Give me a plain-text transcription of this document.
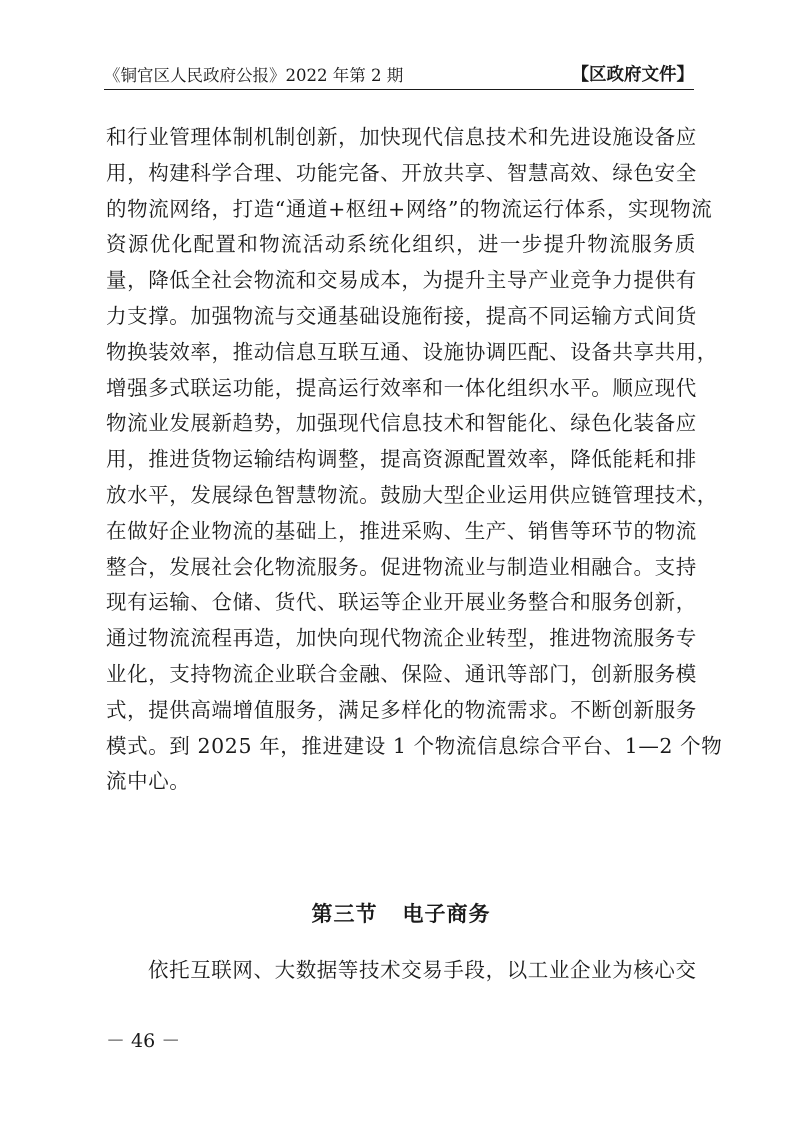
《铜官区人民政府公报》2022 年第 2 期	【区政府文件】
和行业管理体制机制创新，加快现代信息技术和先进设施设备应
用，构建科学合理、功能完备、开放共享、智慧高效、绿色安全
的物流网络，打造“通道+枢纽+网络”的物流运行体系，实现物流
资源优化配置和物流活动系统化组织，进一步提升物流服务质
量，降低全社会物流和交易成本，为提升主导产业竞争力提供有
力支撑。加强物流与交通基础设施衔接，提高不同运输方式间货
物换装效率，推动信息互联互通、设施协调匹配、设备共享共用，
增强多式联运功能，提高运行效率和一体化组织水平。顺应现代
物流业发展新趋势，加强现代信息技术和智能化、绿色化装备应
用，推进货物运输结构调整，提高资源配置效率，降低能耗和排
放水平，发展绿色智慧物流。鼓励大型企业运用供应链管理技术，
在做好企业物流的基础上，推进采购、生产、销售等环节的物流
整合，发展社会化物流服务。促进物流业与制造业相融合。支持
现有运输、仓储、货代、联运等企业开展业务整合和服务创新，
通过物流流程再造，加快向现代物流企业转型，推进物流服务专
业化，支持物流企业联合金融、保险、通讯等部门，创新服务模
式，提供高端增值服务，满足多样化的物流需求。不断创新服务
模式。到 2025 年，推进建设 1 个物流信息综合平台、1—2 个物
流中心。
第三节   电子商务
依托互联网、大数据等技术交易手段，以工业企业为核心交
－ 46 －
